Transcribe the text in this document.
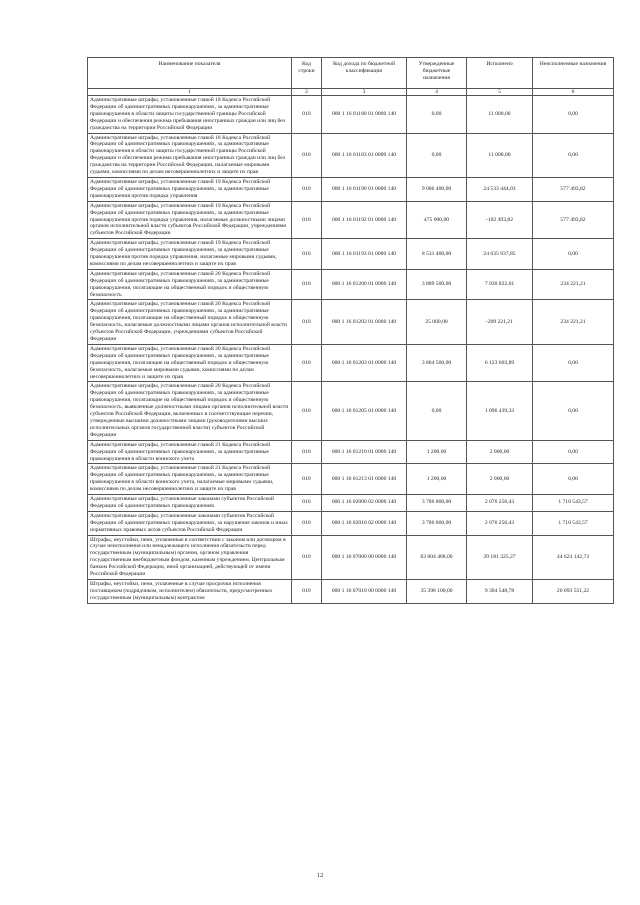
Наименование показателя	Код строки	Код дохода по бюджетной классификации	Утвержденные бюджетные назначения	Исполнено	Неисполненные назначения
1	2	3	4	5	6
Административные штрафы, установленные главой 18 Кодекса Российской Федерации об административных правонарушениях, за административные правонарушения в области защиты государственной границы Российской Федерации и обеспечения режима пребывания иностранных граждан или лиц без гражданства на территории Российской Федерации	010	000 1 16 01180 01 0000 140	0,00	11 000,00	0,00
Административные штрафы, установленные главой 18 Кодекса Российской Федерации об административных правонарушениях, за административные правонарушения в области защиты государственной границы Российской Федерации и обеспечения режима пребывания иностранных граждан или лиц без гражданства на территории Российской Федерации, налагаемые мировыми судьями, комиссиями по делам несовершеннолетних и защите их прав	010	000 1 16 01183 01 0000 140	0,00	11 000,00	0,00
Административные штрафы, установленные главой 19 Кодекса Российской Федерации об административных правонарушениях, за административные правонарушения против порядка управления	010	000 1 16 01190 01 0000 140	9 006 400,00	24 533 444,03	577 493,82
Административные штрафы, установленные главой 19 Кодекса Российской Федерации об административных правонарушениях, за административные правонарушения против порядка управления, налагаемые должностными лицами органов исполнительной власти субъектов Российской Федерации, учреждениями субъектов Российской Федерации	010	000 1 16 01192 01 0000 140	475 000,00	-102 493,82	577 493,82
Административные штрафы, установленные главой 19 Кодекса Российской Федерации об административных правонарушениях, за административные правонарушения против порядка управления, налагаемые мировыми судьями, комиссиями по делам несовершеннолетних и защите их прав	010	000 1 16 01193 01 0000 140	8 531 400,00	24 635 937,85	0,00
Административные штрафы, установленные главой 20 Кодекса Российской Федерации об административных правонарушениях, за административные правонарушения, посягающие на общественный порядок и общественную безопасность	010	000 1 16 01200 01 0000 140	3 889 500,00	7 030 822,01	234 221,21
Административные штрафы, установленные главой 20 Кодекса Российской Федерации об административных правонарушениях, за административные правонарушения, посягающие на общественный порядок и общественную безопасность, налагаемые должностными лицами органов исполнительной власти субъектов Российской Федерации, учреждениями субъектов Российской Федерации	010	000 1 16 01202 01 0000 140	25 000,00	-209 221,21	234 221,21
Административные штрафы, установленные главой 20 Кодекса Российской Федерации об административных правонарушениях, за административные правонарушения, посягающие на общественный порядок и общественную безопасность, налагаемые мировыми судьями, комиссиями по делам несовершеннолетних и защите их прав	010	000 1 16 01203 01 0000 140	3 864 500,00	6 123 603,89	0,00
Административные штрафы, установленные главой 20 Кодекса Российской Федерации об административных правонарушениях, за административные правонарушения, посягающие на общественный порядок и общественную безопасность, выявленные должностными лицами органов исполнительной власти субъектов Российской Федерации, включенных в соответствующие перечни, утвержденные высшими должностными лицами (руководителями высших исполнительных органов государственной власти) субъектов Российской Федерации	010	000 1 16 01205 01 0000 140	0,00	1 096 439,33	0,00
Административные штрафы, установленные главой 21 Кодекса Российской Федерации об административных правонарушениях, за административные правонарушения в области воинского учета	010	000 1 16 01210 01 0000 140	1 200,00	2 000,00	0,00
Административные штрафы, установленные главой 21 Кодекса Российской Федерации об административных правонарушениях, за административные правонарушения в области воинского учета, налагаемые мировыми судьями, комиссиями по делам несовершеннолетних и защите их прав	010	000 1 16 01213 01 0000 140	1 200,00	2 000,00	0,00
Административные штрафы, установленные законами субъектов Российской Федерации об административных правонарушениях	010	000 1 16 02000 02 0000 140	3 786 800,00	2 076 256,43	1 710 543,57
Административные штрафы, установленные законами субъектов Российской Федерации об административных правонарушениях, за нарушение законов и иных нормативных правовых актов субъектов Российской Федерации	010	000 1 16 02010 02 0000 140	3 786 800,00	2 076 256,43	1 710 543,57
Штрафы, неустойки, пени, уплаченные в соответствии с законом или договором в случае неисполнения или ненадлежащего исполнения обязательств перед государственным (муниципальным) органом, органом управления государственным внебюджетным фондом, казенным учреждением, Центральным банком Российской Федерации, иной организацией, действующей от имени Российской Федерации	010	000 1 16 07000 00 0000 140	83 804 468,00	39 181 325,27	44 623 142,73
Штрафы, неустойки, пени, уплаченные в случае просрочки исполнения поставщиком (подрядчиком, исполнителем) обязательств, предусмотренных государственным (муниципальным) контрактом	010	000 1 16 07010 00 0000 140	35 398 100,00	9 304 548,78	26 093 551,22
12
